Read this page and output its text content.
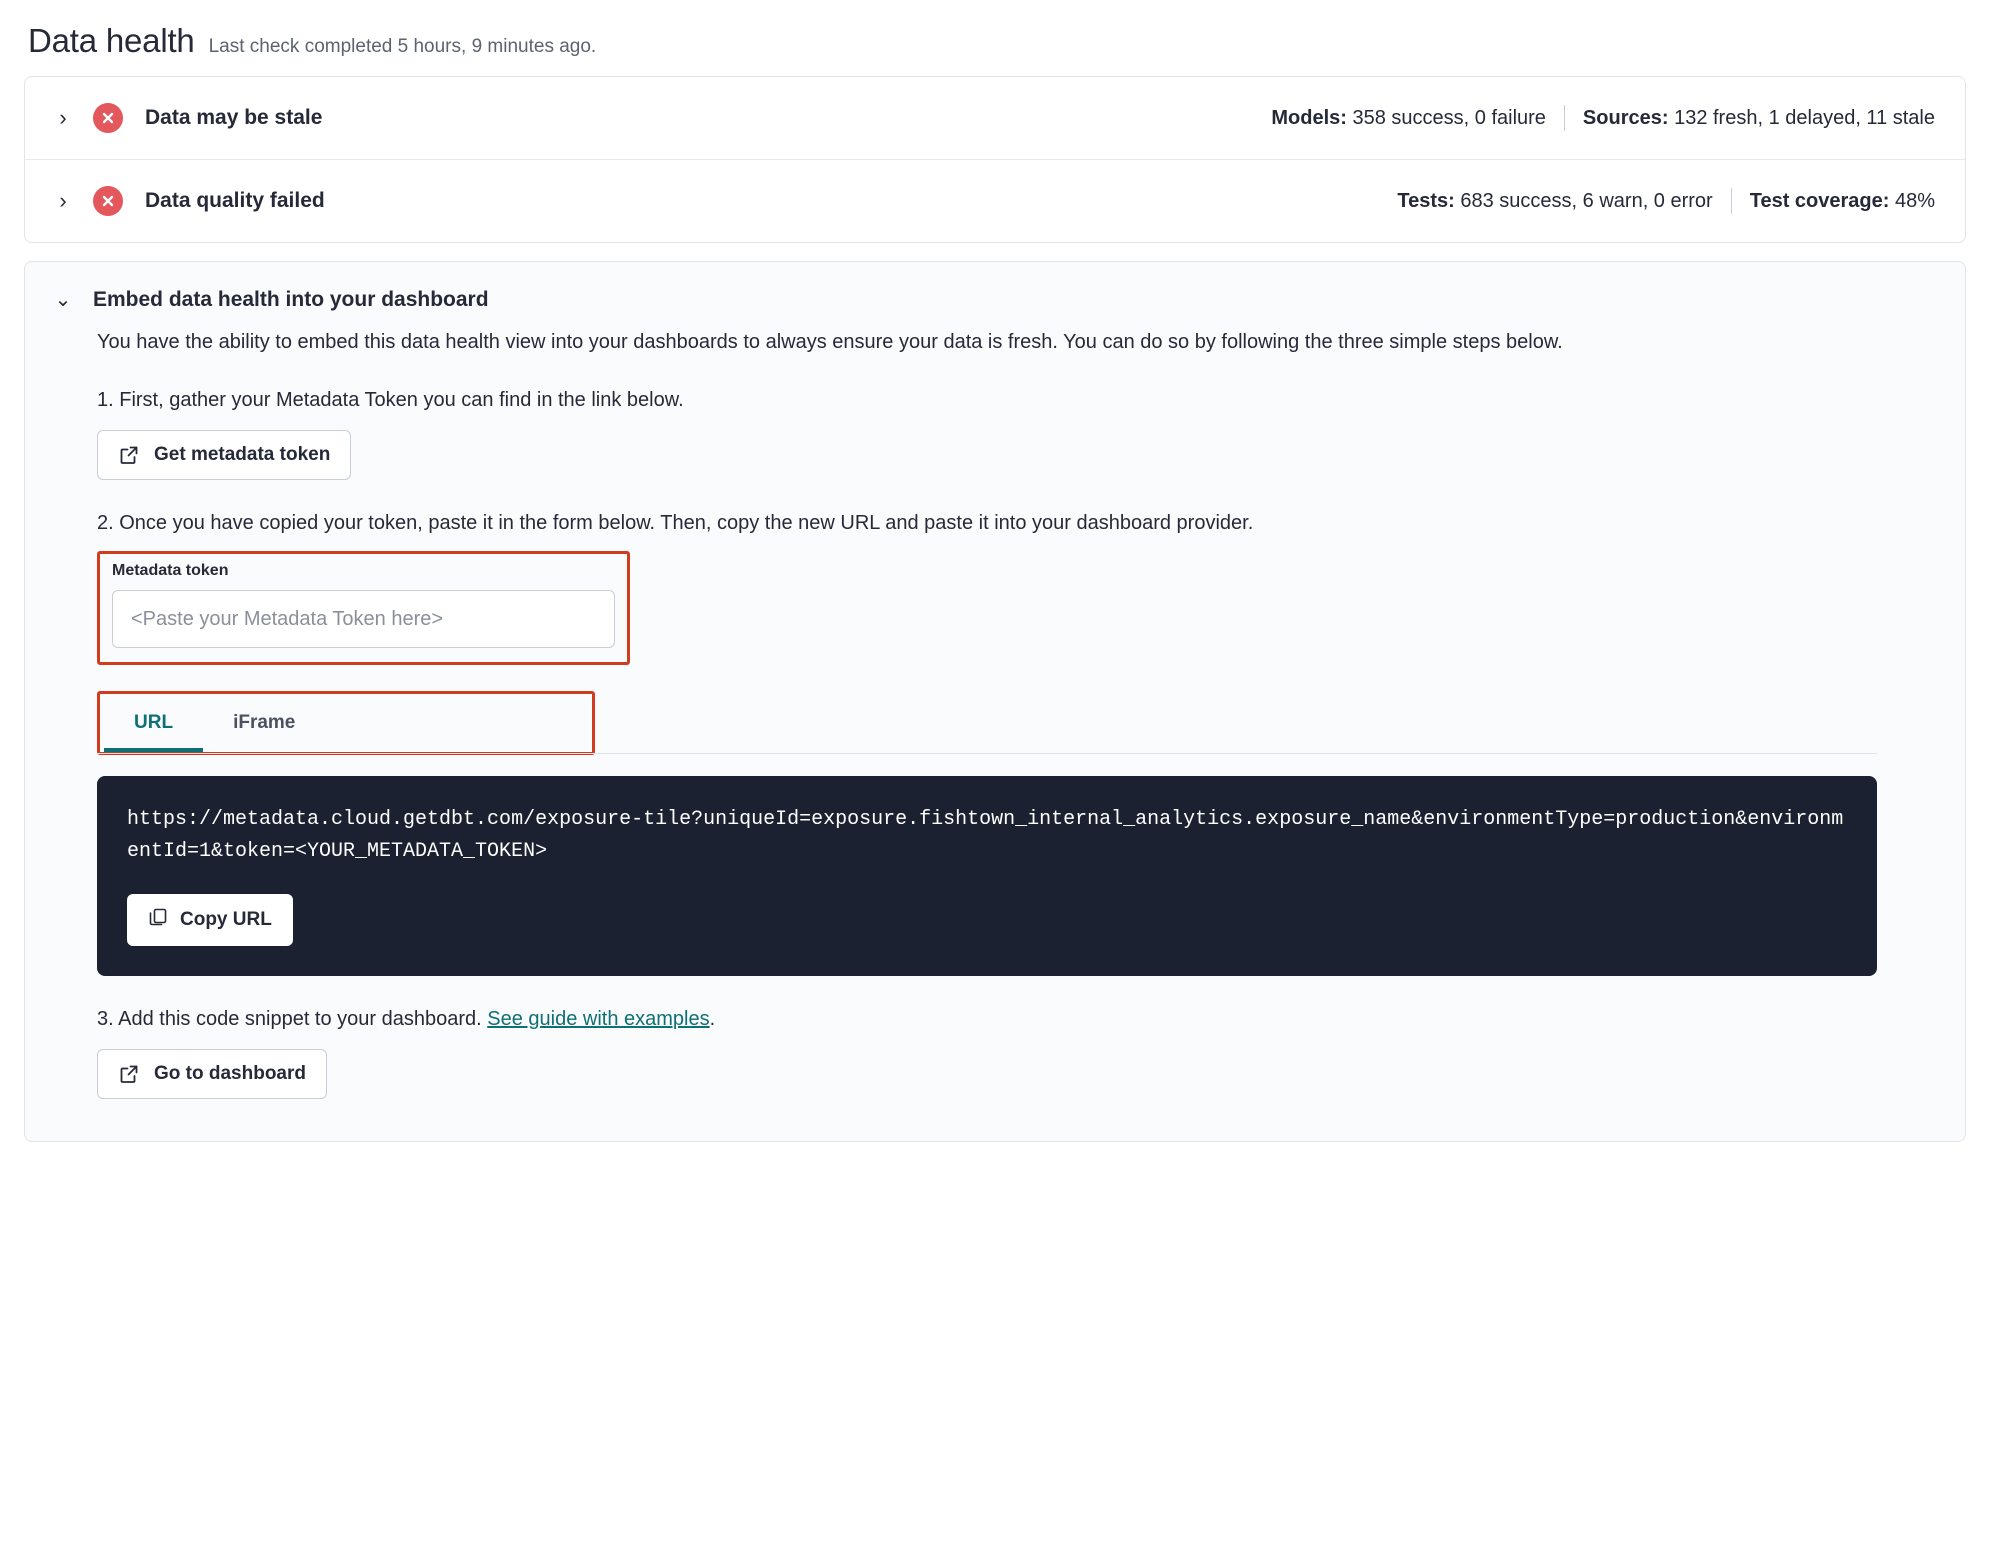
Data health Last check completed 5 hours, 9 minutes ago.
›	Data may be stale	Models: 358 success, 0 failure Sources: 132 fresh, 1 delayed, 11 stale
›	Data quality failed	Tests: 683 success, 6 warn, 0 error Test coverage: 48%
⌄ Embed data health into your dashboard

You have the ability to embed this data health view into your dashboards to always ensure your data is fresh. You can do so by following the three simple steps below.

1. First, gather your Metadata Token you can find in the link below.
Get metadata token
2. Once you have copied your token, paste it in the form below. Then, copy the new URL and paste it into your dashboard provider.
Metadata token
<Paste your Metadata Token here>
URL	iFrame

https://metadata.cloud.getdbt.com/exposure-tile?uniqueId=exposure.fishtown_internal_analytics.exposure_name&environmentType=production&environmentId=1&token=<YOUR_METADATA_TOKEN>

Copy URL
3. Add this code snippet to your dashboard. See guide with examples.
Go to dashboard
